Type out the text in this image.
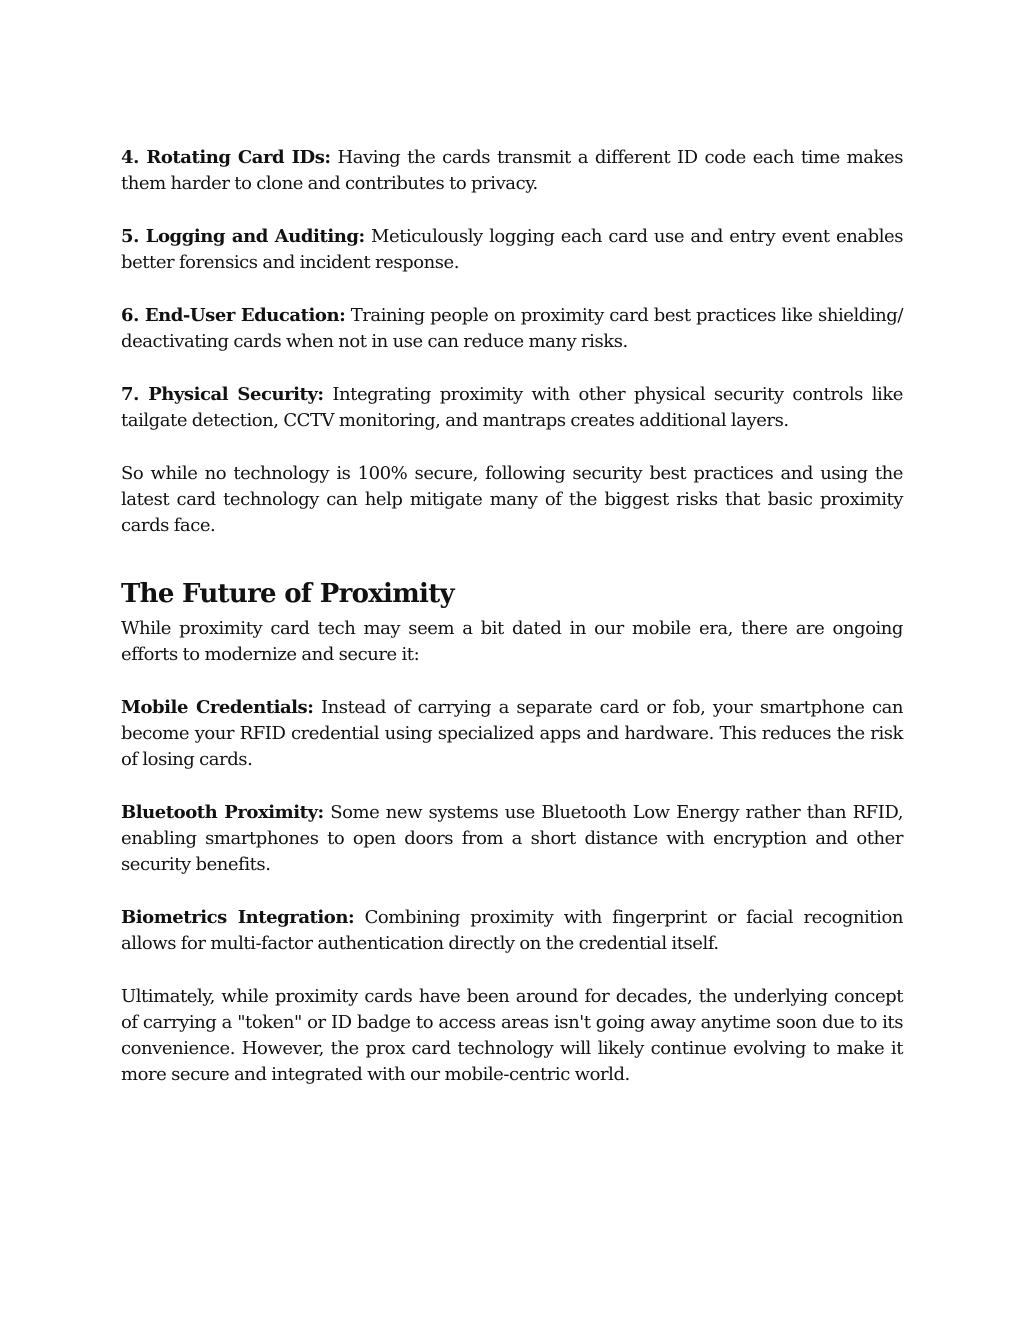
4. Rotating Card IDs: Having the cards transmit a different ID code each time makes them harder to clone and contributes to privacy.

5. Logging and Auditing: Meticulously logging each card use and entry event enables better forensics and incident response.

6. End-User Education: Training people on proximity card best practices like shielding/ deactivating cards when not in use can reduce many risks.

7. Physical Security: Integrating proximity with other physical security controls like tailgate detection, CCTV monitoring, and mantraps creates additional layers.

So while no technology is 100% secure, following security best practices and using the latest card technology can help mitigate many of the biggest risks that basic proximity cards face.

The Future of Proximity

While proximity card tech may seem a bit dated in our mobile era, there are ongoing efforts to modernize and secure it:

Mobile Credentials: Instead of carrying a separate card or fob, your smartphone can become your RFID credential using specialized apps and hardware. This reduces the risk of losing cards.

Bluetooth Proximity: Some new systems use Bluetooth Low Energy rather than RFID, enabling smartphones to open doors from a short distance with encryption and other security benefits.

Biometrics Integration: Combining proximity with fingerprint or facial recognition allows for multi-factor authentication directly on the credential itself.

Ultimately, while proximity cards have been around for decades, the underlying concept of carrying a "token" or ID badge to access areas isn't going away anytime soon due to its convenience. However, the prox card technology will likely continue evolving to make it more secure and integrated with our mobile-centric world.
